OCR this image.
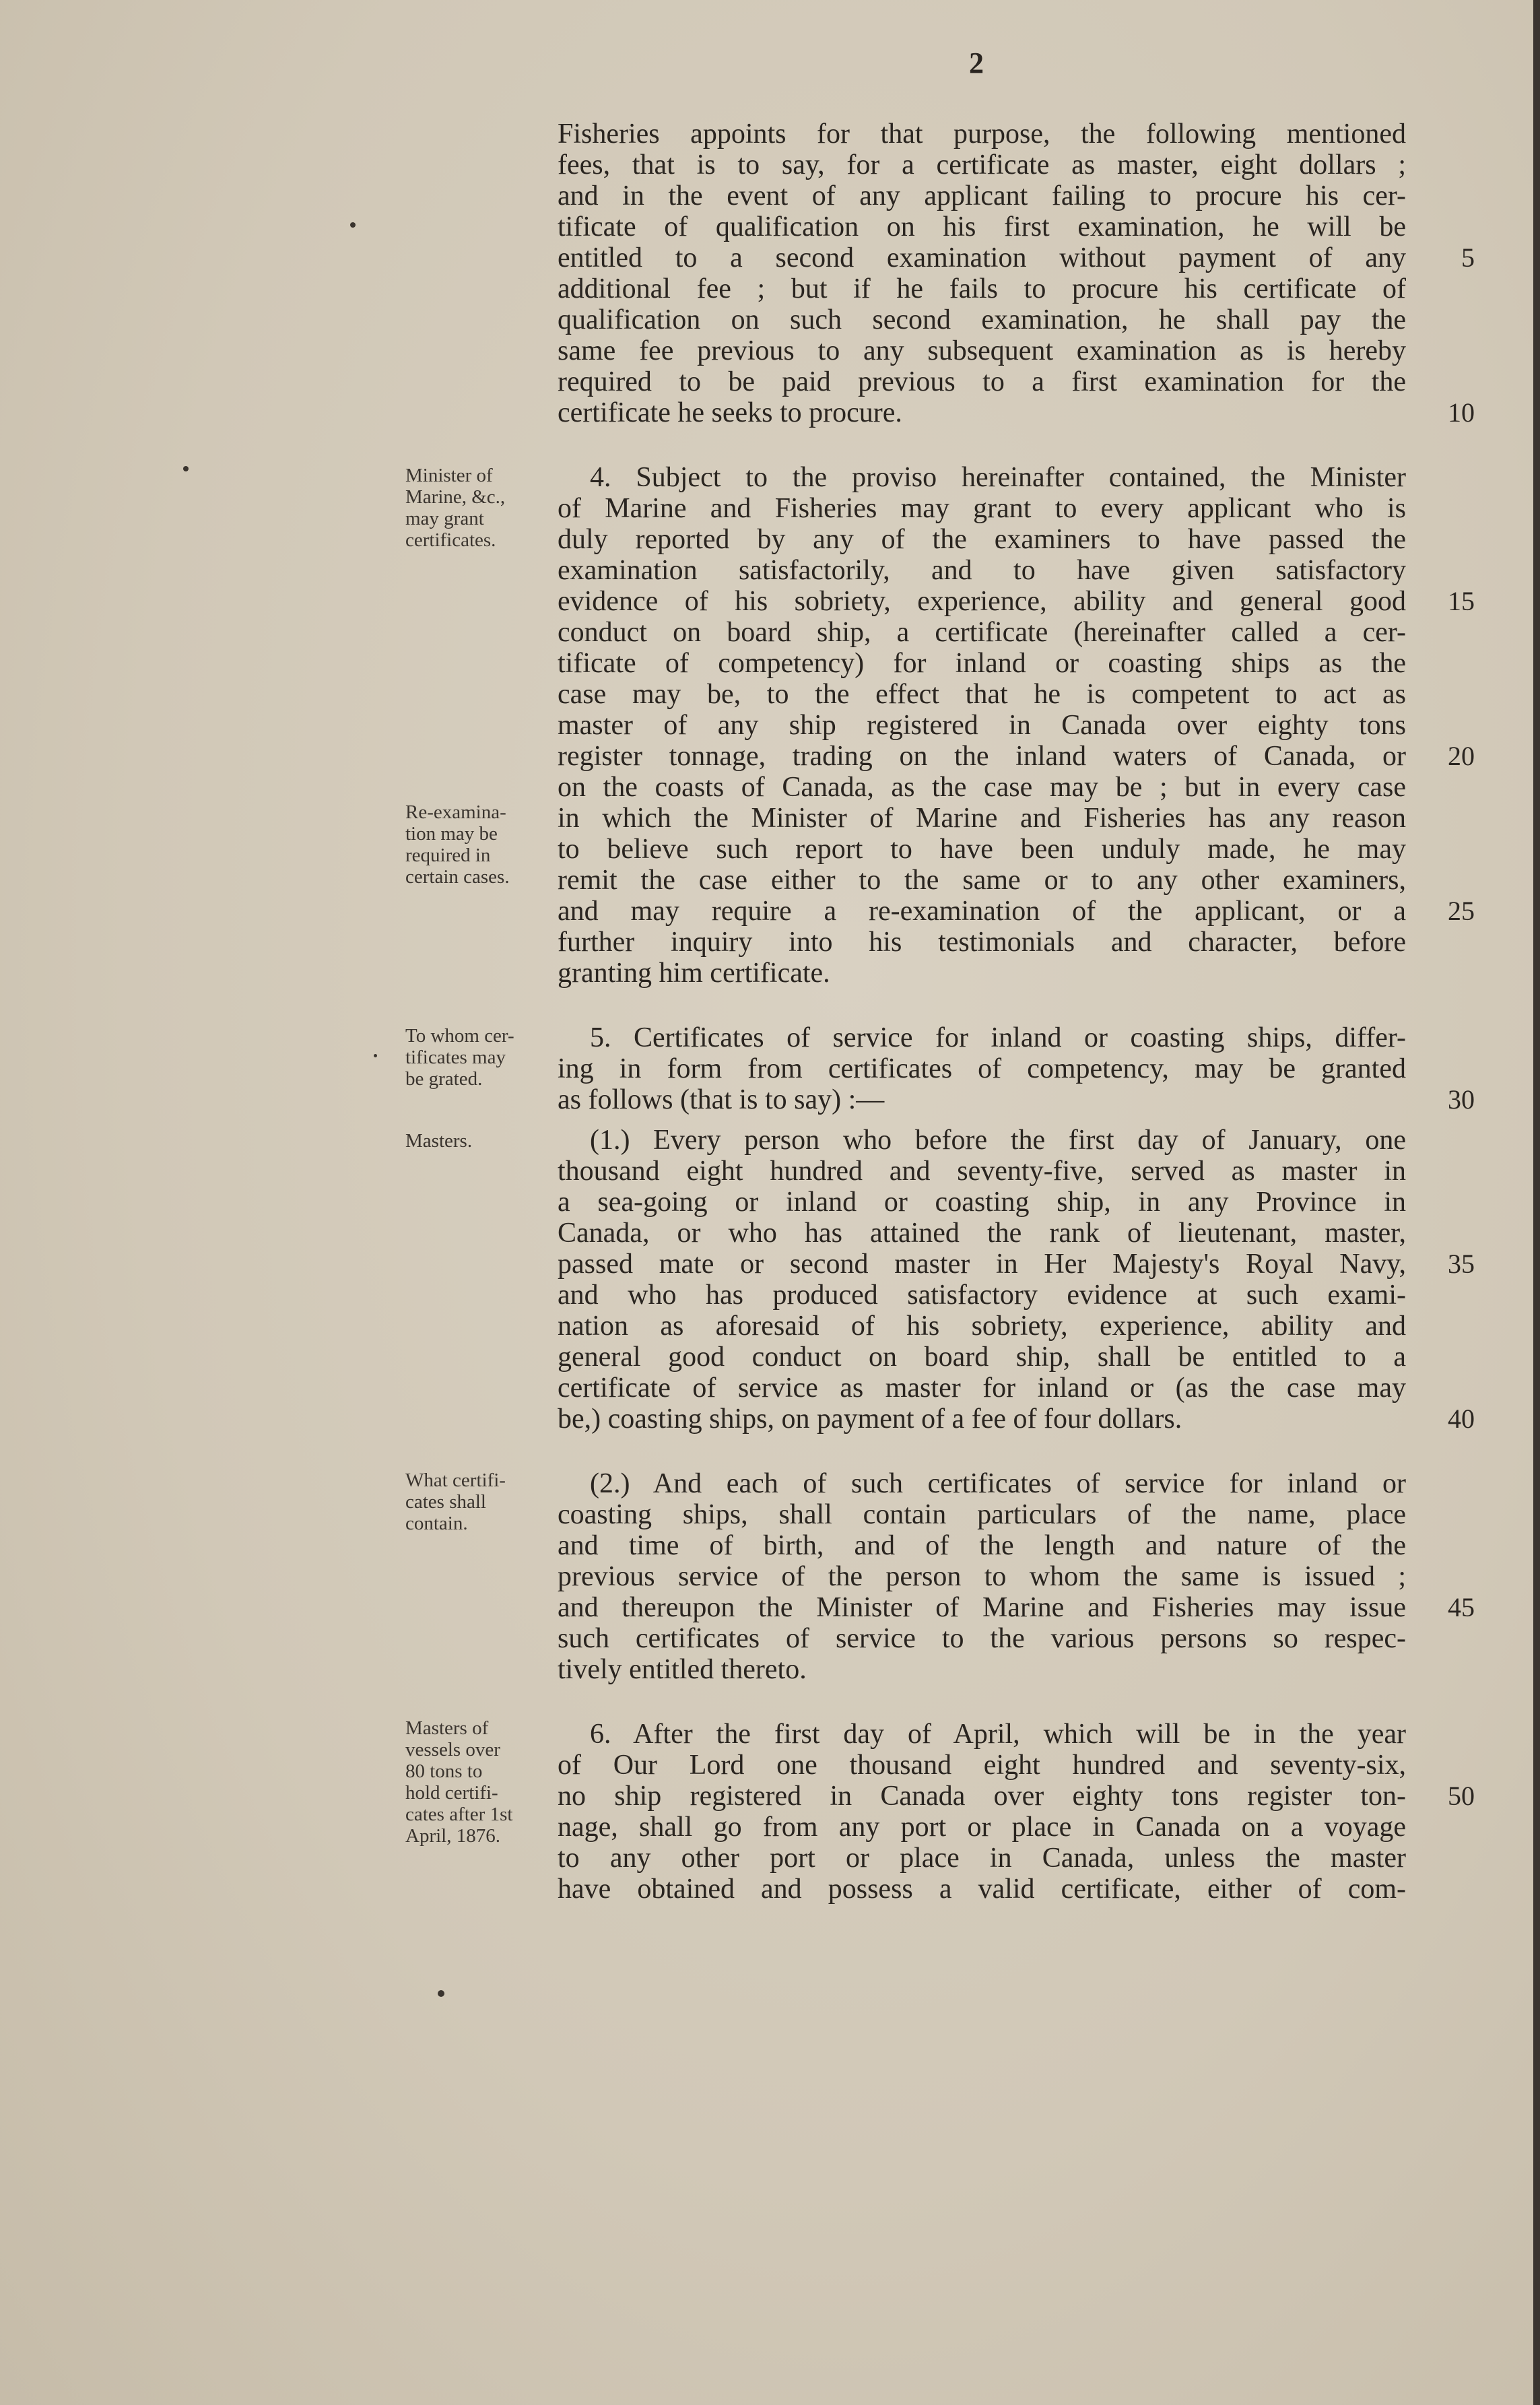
2
Fisheries appoints for that purpose, the following mentioned
fees, that is to say, for a certificate as master, eight dollars ;
and in the event of any applicant failing to procure his cer-
tificate of qualification on his first examination, he will be
entitled to a second examination without payment of any
additional fee ; but if he fails to procure his certificate of
qualification on such second examination, he shall pay the
same fee previous to any subsequent examination as is hereby
required to be paid previous to a first examination for the
certificate he seeks to procure.
4. Subject to the proviso hereinafter contained, the Minister
of Marine and Fisheries may grant to every applicant who is
duly reported by any of the examiners to have passed the
examination satisfactorily, and to have given satisfactory
evidence of his sobriety, experience, ability and general good
conduct on board ship, a certificate (hereinafter called a cer-
tificate of competency) for inland or coasting ships as the
case may be, to the effect that he is competent to act as
master of any ship registered in Canada over eighty tons
register tonnage, trading on the inland waters of Canada, or
on the coasts of Canada, as the case may be ; but in every case
in which the Minister of Marine and Fisheries has any reason
to believe such report to have been unduly made, he may
remit the case either to the same or to any other examiners,
and may require a re-examination of the applicant, or a
further inquiry into his testimonials and character, before
granting him certificate.
5. Certificates of service for inland or coasting ships, differ-
ing in form from certificates of competency, may be granted
as follows (that is to say) :—
(1.) Every person who before the first day of January, one
thousand eight hundred and seventy-five, served as master in
a sea-going or inland or coasting ship, in any Province in
Canada, or who has attained the rank of lieutenant, master,
passed mate or second master in Her Majesty's Royal Navy,
and who has produced satisfactory evidence at such exami-
nation as aforesaid of his sobriety, experience, ability and
general good conduct on board ship, shall be entitled to a
certificate of service as master for inland or (as the case may
be,) coasting ships, on payment of a fee of four dollars.
(2.) And each of such certificates of service for inland or
coasting ships, shall contain particulars of the name, place
and time of birth, and of the length and nature of the
previous service of the person to whom the same is issued ;
and thereupon the Minister of Marine and Fisheries may issue
such certificates of service to the various persons so respec-
tively entitled thereto.
6. After the first day of April, which will be in the year
of Our Lord one thousand eight hundred and seventy-six,
no ship registered in Canada over eighty tons register ton-
nage, shall go from any port or place in Canada on a voyage
to any other port or place in Canada, unless the master
have obtained and possess a valid certificate, either of com-
5
10
15
20
25
30
35
40
45
50
Minister of
Marine, &c.,
may grant
certificates.
Re-examina-
tion may be
required in
certain cases.
To whom cer-
tificates may
be grated.
Masters.
What certifi-
cates shall
contain.
Masters of
vessels over
80 tons to
hold certifi-
cates after 1st
April, 1876.
